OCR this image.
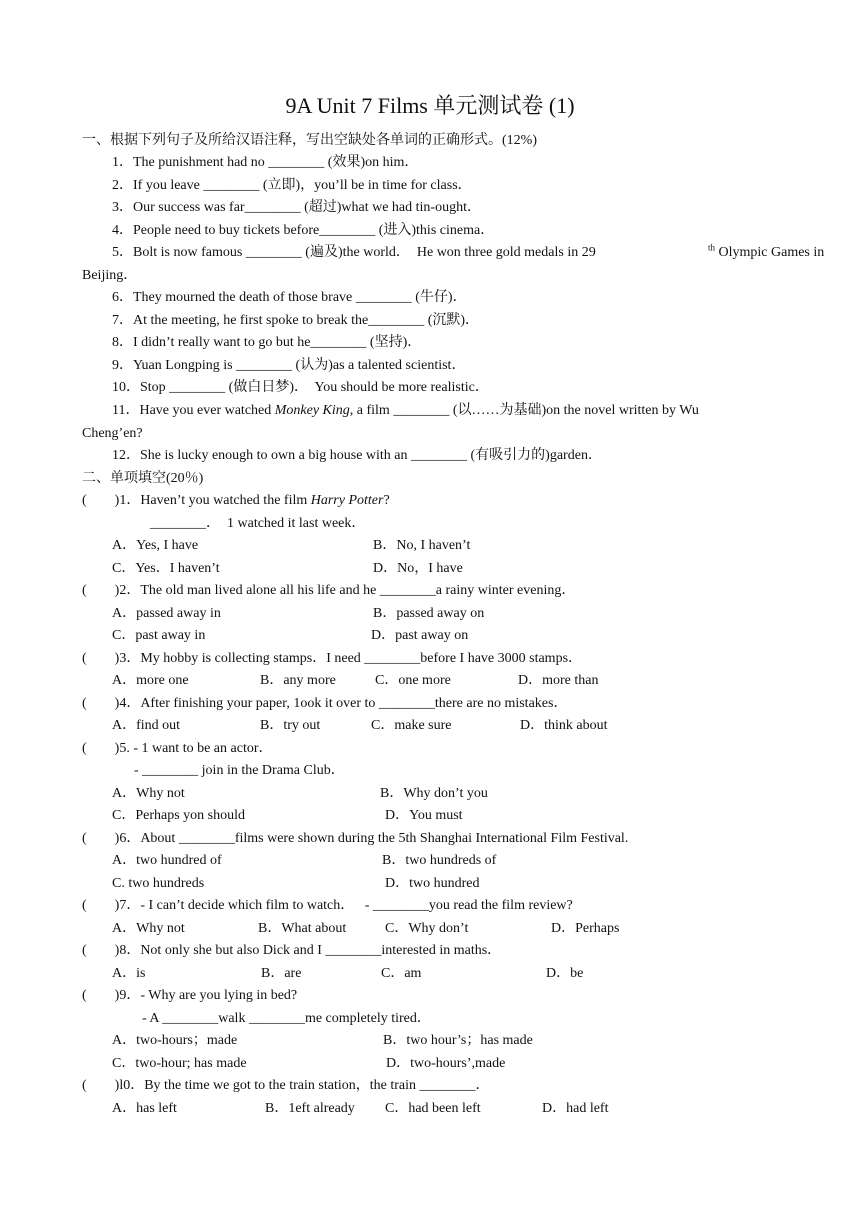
9A Unit 7 Films 单元测试卷 (1)
一、根据下列句子及所给汉语注释，写出空缺处各单词的正确形式。(12%)
1．The punishment had no ________ (效果)on him．
2．If you leave ________ (立即)，you’ll be in time for class．
3．Our success was far________ (超过)what we had tin-ought．
4．People need to buy tickets before________ (进入)this cinema．
5．Bolt is now famous ________ (遍及)the world．  He won three gold medals in 29	$^{th}$ Olympic Games in
Beijing．
6．They mourned the death of those brave ________ (牛仔)．
7．At the meeting, he first spoke to break the________ (沉默)．
8．I didn’t really want to go but he________ (坚持)．
9．Yuan Longping is ________ (认为)as a talented scientist．
10．Stop ________ (做白日梦)．  You should be more realistic．
11．Have you ever watched Monkey King, a film ________ (以……为基础)on the novel written by Wu
Cheng’en?
12．She is lucky enough to own a big house with an ________ (有吸引力的)garden．
二、单项填空(20％)
(        )1．Haven’t you watched the film Harry Potter?
________．  1 watched it last week．
A．Yes, I have	B．No, I haven’t
C．Yes．I haven’t	D．No，I have
(        )2．The old man lived alone all his life and he ________a rainy winter evening．
A．passed away in	B．passed away on
C．past away in	D．past away on
(        )3．My hobby is collecting stamps．I need ________before I have 3000 stamps．
A．more one	B．any more	C．one more	D．more than
(        )4．After finishing your paper, 1ook it over to ________there are no mistakes．
A．find out	B．try out	C．make sure	D．think about
(        )5. - 1 want to be an actor．
- ________ join in the Drama Club．
A．Why not	B．Why don’t you
C．Perhaps yon should	D．You must
(        )6．About ________films were shown during the 5th Shanghai International Film Festival.
A．two hundred of	B．two hundreds of
C. two hundreds	D．two hundred
(        )7．- I can’t decide which film to watch．   - ________you read the film review?
A．Why not	B．What about	C．Why don’t	D．Perhaps
(        )8．Not only she but also Dick and I ________interested in maths．
A．is	B．are	C．am	D．be
(        )9．- Why are you lying in bed?
- A ________walk ________me completely tired．
A．two-hours；made	B．two hour’s；has made
C．two-hour; has made	D．two-hours’,made
(        )l0．By the time we got to the train station，the train ________．
A．has left	B．1eft already C．had been left	D．had left
